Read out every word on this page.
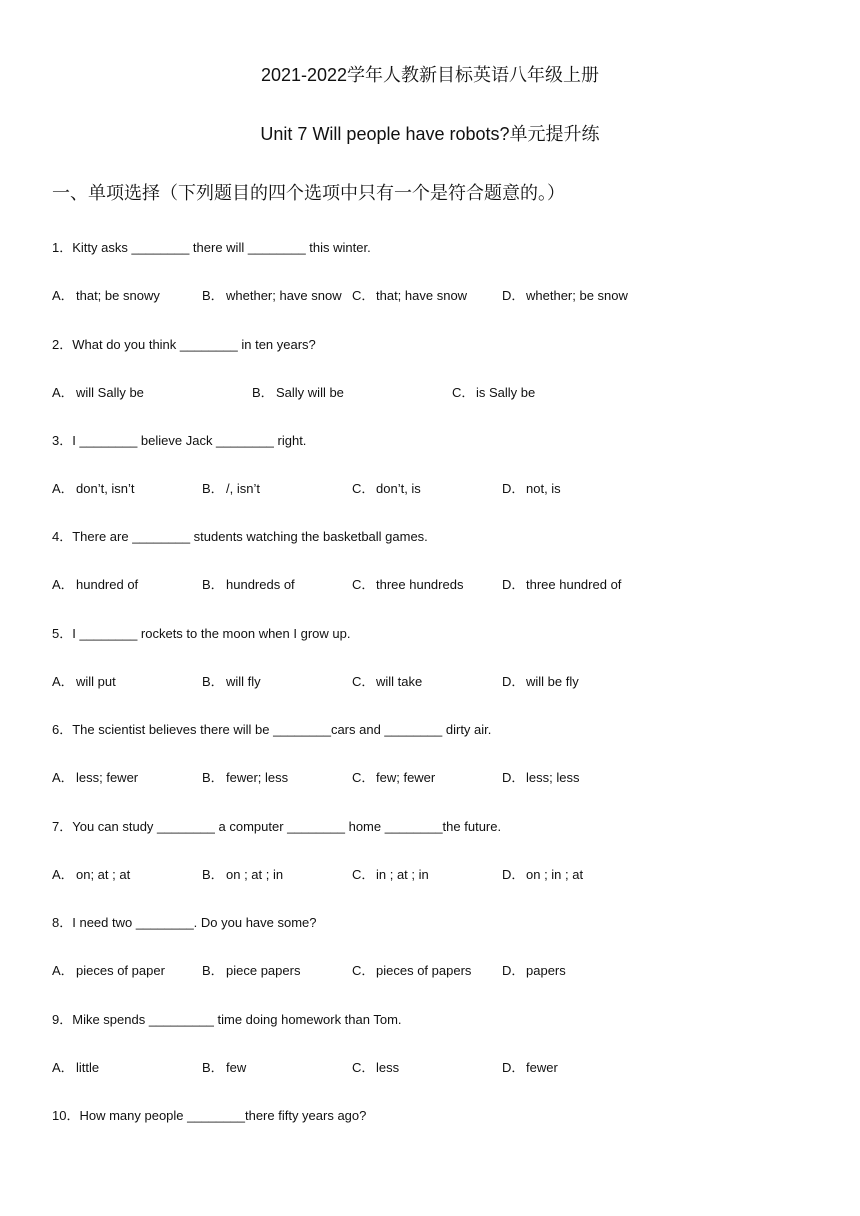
2021-2022学年人教新目标英语八年级上册
Unit 7 Will people have robots?单元提升练
一、单项选择（下列题目的四个选项中只有一个是符合题意的。）
1．Kitty asks ________ there will ________ this winter.
A． that; be snowy	B． whether; have snow C． that; have snow	D． whether; be snow
2．What do you think ________ in ten years?
A． will Sally be	B． Sally will be	C． is Sally be
3．I ________ believe Jack ________ right.
A． don’t, isn’t	B． /, isn’t	C． don’t, is	D． not, is
4．There are ________ students watching the basketball games.
A． hundred of	B． hundreds of	C． three hundreds	D． three hundred of
5．I ________ rockets to the moon when I grow up.
A． will put	B． will fly	C． will take	D． will be fly
6．The scientist believes there will be ________cars and ________ dirty air.
A． less; fewer	B． fewer; less	C． few; fewer	D． less; less
7．You can study ________ a computer ________ home ________the future.
A． on; at ; at	B． on ; at ; in	C． in ; at ; in	D． on ; in ; at
8．I need two ________. Do you have some?
A． pieces of paper	B． piece papers	C． pieces of papers D． papers
9．Mike spends _________ time doing homework than Tom.
A． little	B． few	C． less	D． fewer
10．How many people ________there fifty years ago?
